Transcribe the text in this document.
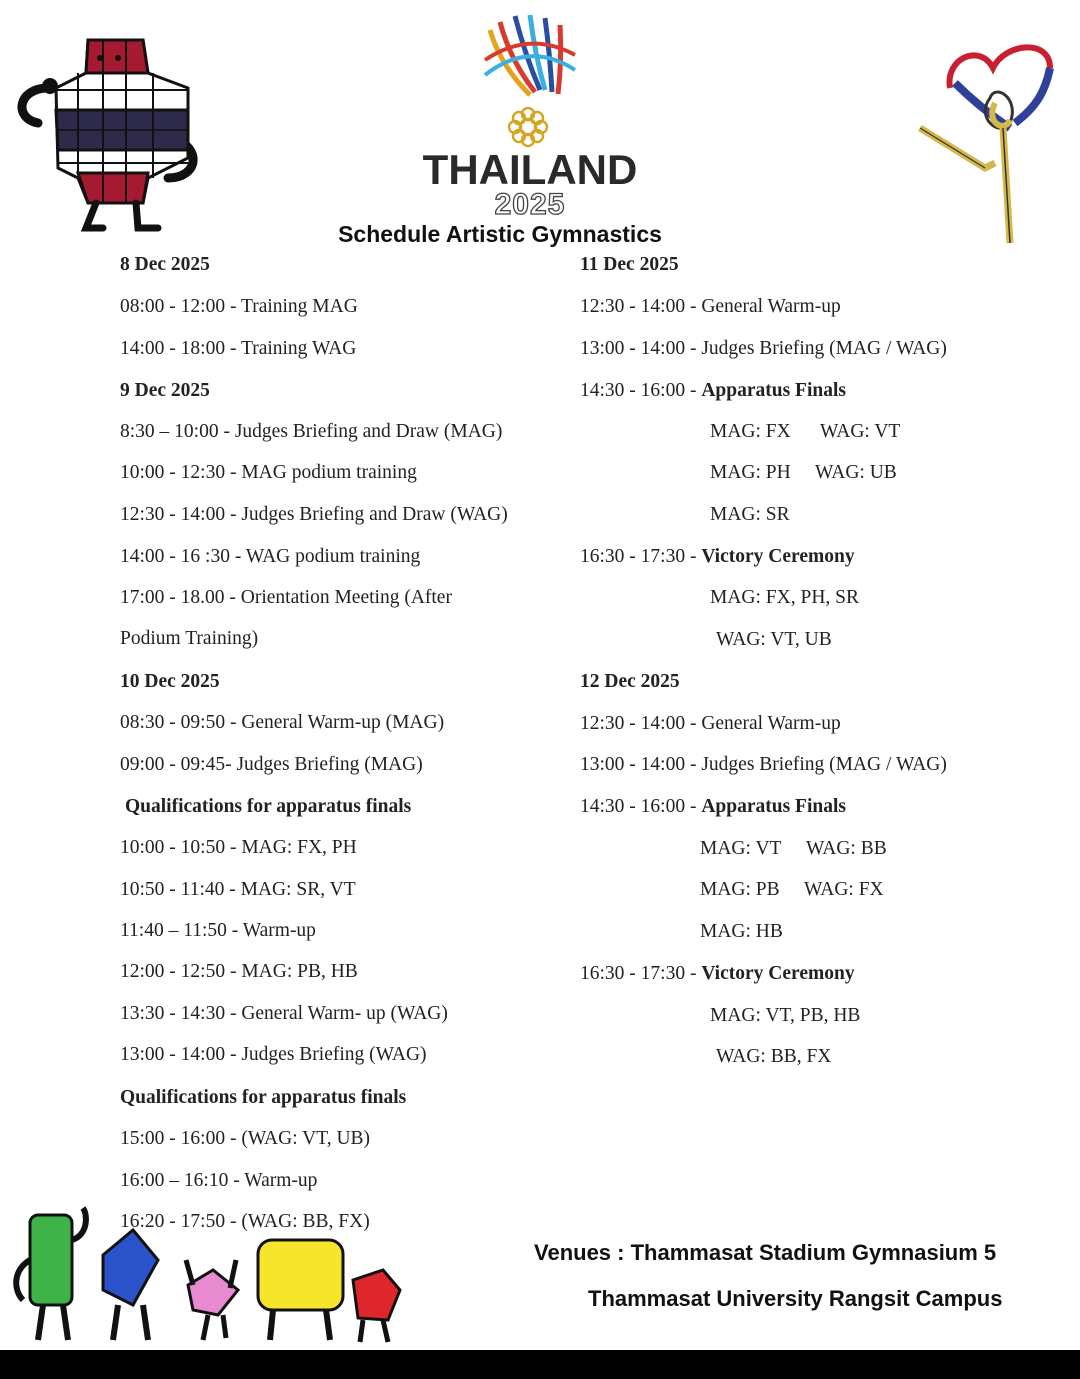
THAILAND
2025
Schedule Artistic Gymnastics
8 Dec 2025
08:00 - 12:00 - Training MAG
14:00 - 18:00 - Training WAG
9 Dec 2025
8:30 – 10:00 - Judges Briefing and Draw (MAG)
10:00 - 12:30 - MAG podium training
12:30 - 14:00 - Judges Briefing and Draw (WAG)
14:00 - 16 :30 - WAG podium training
17:00 - 18.00 - Orientation Meeting (After
Podium Training)
10 Dec 2025
08:30 - 09:50 - General Warm-up (MAG)
09:00 - 09:45- Judges Briefing (MAG)
Qualifications for apparatus finals
10:00 - 10:50 - MAG: FX, PH
10:50 - 11:40 - MAG: SR, VT
11:40 – 11:50 - Warm-up
12:00 - 12:50 - MAG: PB, HB
13:30 - 14:30 - General Warm- up (WAG)
13:00 - 14:00 - Judges Briefing (WAG)
Qualifications for apparatus finals
15:00 - 16:00 - (WAG: VT, UB)
16:00 – 16:10 - Warm-up
16:20 - 17:50 - (WAG: BB, FX)
11 Dec 2025
12:30 - 14:00 - General Warm-up
13:00 - 14:00 - Judges Briefing (MAG / WAG)
14:30 - 16:00 - Apparatus Finals
MAG: FX WAG: VT
MAG: PH WAG: UB
MAG: SR
16:30 - 17:30 - Victory Ceremony
MAG: FX, PH, SR
WAG: VT, UB
12 Dec 2025
12:30 - 14:00 - General Warm-up
13:00 - 14:00 - Judges Briefing (MAG / WAG)
14:30 - 16:00 - Apparatus Finals
MAG: VT WAG: BB
MAG: PB WAG: FX
MAG: HB
16:30 - 17:30 - Victory Ceremony
MAG: VT, PB, HB
WAG: BB, FX
Venues : Thammasat Stadium Gymnasium 5
Thammasat University Rangsit Campus
